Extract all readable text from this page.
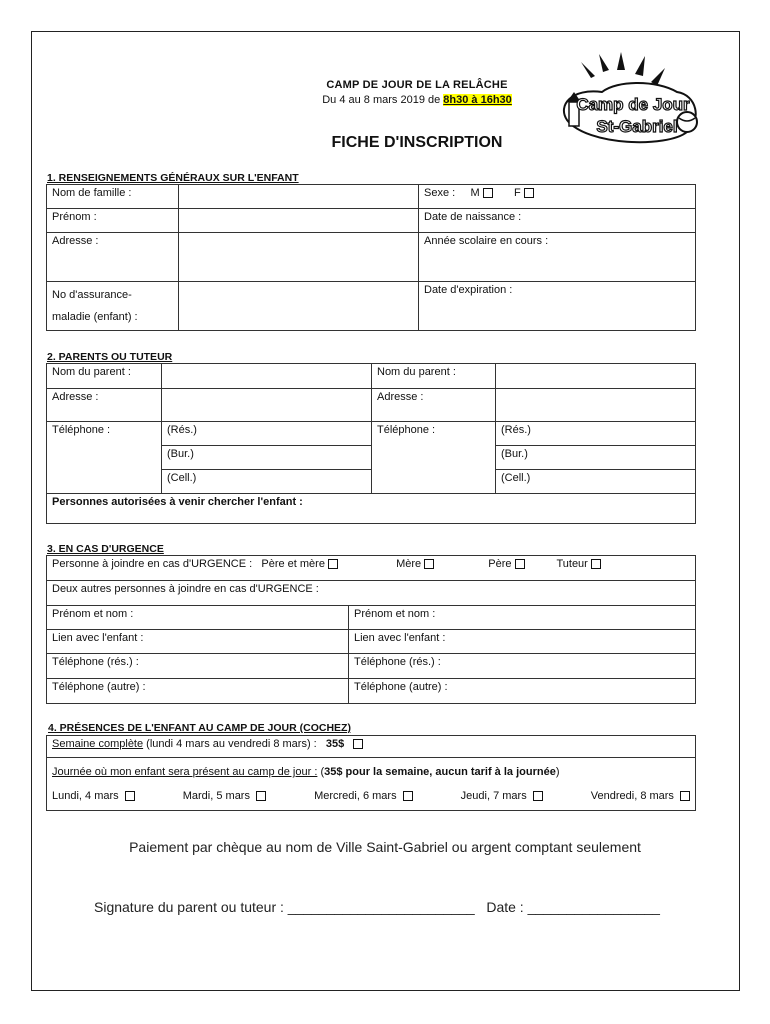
CAMP DE JOUR DE LA RELÂCHE
Du 4 au 8 mars 2019 de 8h30 à 16h30
FICHE D'INSCRIPTION
Camp de Jour
St-Gabriel
1. RENSEIGNEMENTS GÉNÉRAUX SUR L'ENFANT
Nom de famille :		Sexe : M F
Prénom :		Date de naissance :
Adresse :		Année scolaire en cours :
No d'assurance-
maladie (enfant) :		Date d'expiration :
2. PARENTS OU TUTEUR
Nom du parent :		Nom du parent :	
Adresse :		Adresse :	
Téléphone :	(Rés.)	Téléphone :	(Rés.)
	(Bur.)		(Bur.)
	(Cell.)		(Cell.)
Personnes autorisées à venir chercher l'enfant :			
3. EN CAS D'URGENCE
Personne à joindre en cas d'URGENCE : Père et mère Mère Père Tuteur	
Deux autres personnes à joindre en cas d'URGENCE :	
Prénom et nom :	Prénom et nom :
Lien avec l'enfant :	Lien avec l'enfant :
Téléphone (rés.) :	Téléphone (rés.) :
Téléphone (autre) :	Téléphone (autre) :
4. PRÉSENCES DE L'ENFANT AU CAMP DE JOUR (COCHEZ)
Semaine complète (lundi 4 mars au vendredi 8 mars) :   35$

Journée où mon enfant sera présent au camp de jour : (35$ pour la semaine, aucun tarif à la journée)
Lundi, 4 mars	Mardi, 5 mars	Mercredi, 6 mars	Jeudi, 7 mars	Vendredi, 8 mars
Paiement par chèque au nom de Ville Saint-Gabriel ou argent comptant seulement
Signature du parent ou tuteur : ________________________ Date : _________________
